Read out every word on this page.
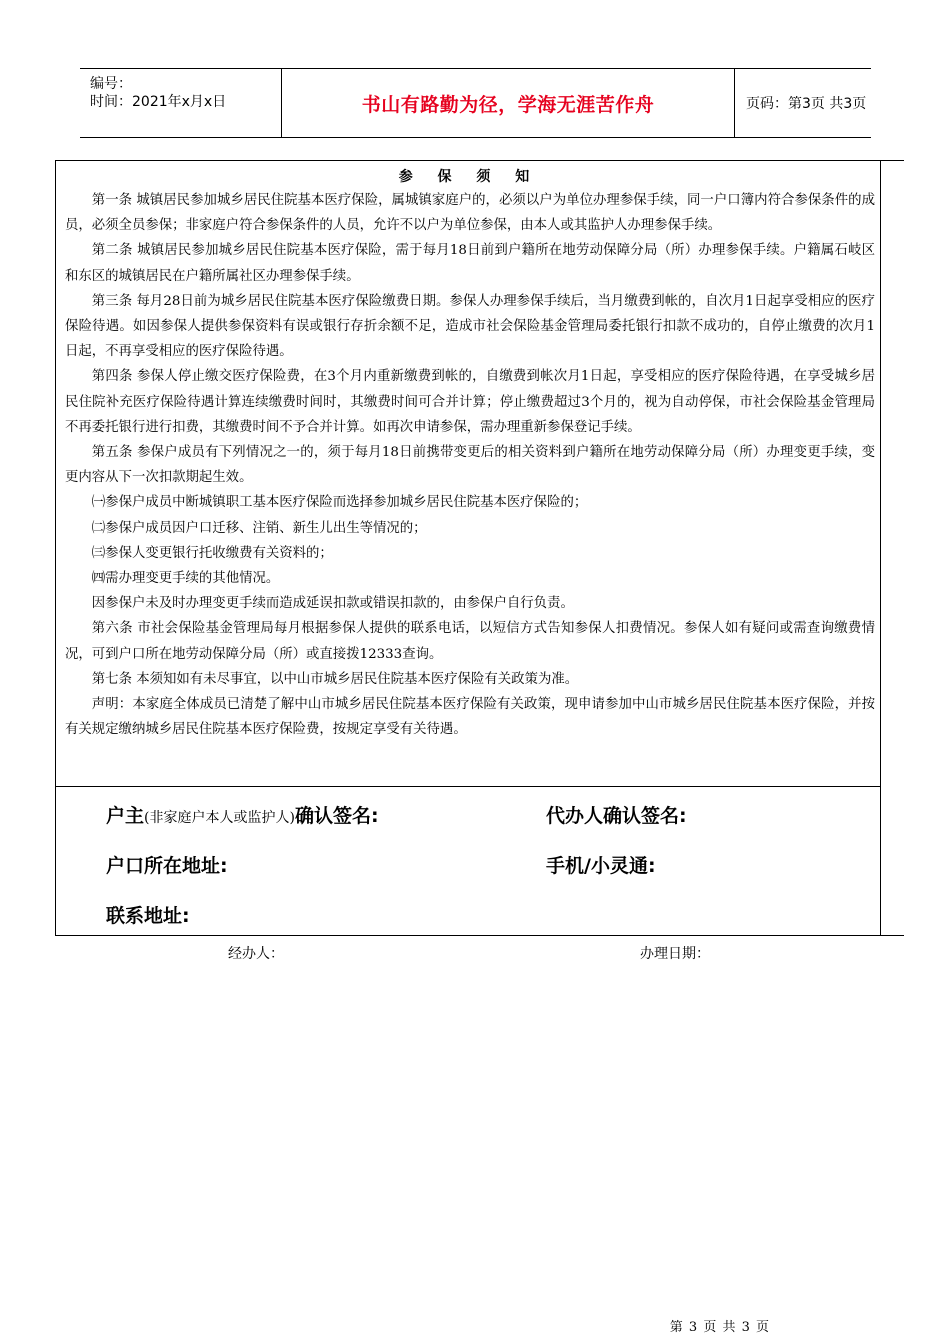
编号：
时间：2021年x月x日	书山有路勤为径，学海无涯苦作舟	页码：第3页 共3页
参 保 须 知

第一条 城镇居民参加城乡居民住院基本医疗保险，属城镇家庭户的，必须以户为单位办理参保手续，同一户口簿内符合参保条件的成员，必须全员参保；非家庭户符合参保条件的人员，允许不以户为单位参保，由本人或其监护人办理参保手续。

第二条 城镇居民参加城乡居民住院基本医疗保险，需于每月18日前到户籍所在地劳动保障分局（所）办理参保手续。户籍属石岐区和东区的城镇居民在户籍所属社区办理参保手续。

第三条 每月28日前为城乡居民住院基本医疗保险缴费日期。参保人办理参保手续后，当月缴费到帐的，自次月1日起享受相应的医疗保险待遇。如因参保人提供参保资料有误或银行存折余额不足，造成市社会保险基金管理局委托银行扣款不成功的，自停止缴费的次月1日起，不再享受相应的医疗保险待遇。

第四条 参保人停止缴交医疗保险费，在3个月内重新缴费到帐的，自缴费到帐次月1日起，享受相应的医疗保险待遇，在享受城乡居民住院补充医疗保险待遇计算连续缴费时间时，其缴费时间可合并计算；停止缴费超过3个月的，视为自动停保，市社会保险基金管理局不再委托银行进行扣费，其缴费时间不予合并计算。如再次申请参保，需办理重新参保登记手续。

第五条 参保户成员有下列情况之一的，须于每月18日前携带变更后的相关资料到户籍所在地劳动保障分局（所）办理变更手续，变更内容从下一次扣款期起生效。

㈠参保户成员中断城镇职工基本医疗保险而选择参加城乡居民住院基本医疗保险的；

㈡参保户成员因户口迁移、注销、新生儿出生等情况的；

㈢参保人变更银行托收缴费有关资料的；

㈣需办理变更手续的其他情况。

因参保户未及时办理变更手续而造成延误扣款或错误扣款的，由参保户自行负责。

第六条 市社会保险基金管理局每月根据参保人提供的联系电话，以短信方式告知参保人扣费情况。参保人如有疑问或需查询缴费情况，可到户口所在地劳动保障分局（所）或直接拨12333查询。

第七条 本须知如有未尽事宜，以中山市城乡居民住院基本医疗保险有关政策为准。

声明：本家庭全体成员已清楚了解中山市城乡居民住院基本医疗保险有关政策，现申请参加中山市城乡居民住院基本医疗保险，并按有关规定缴纳城乡居民住院基本医疗保险费，按规定享受有关待遇。

户主(非家庭户本人或监护人)确认签名:	代办人确认签名:
户口所在地址:	手机/小灵通:
联系地址:
经办人：	办理日期：
第 3 页 共 3 页
